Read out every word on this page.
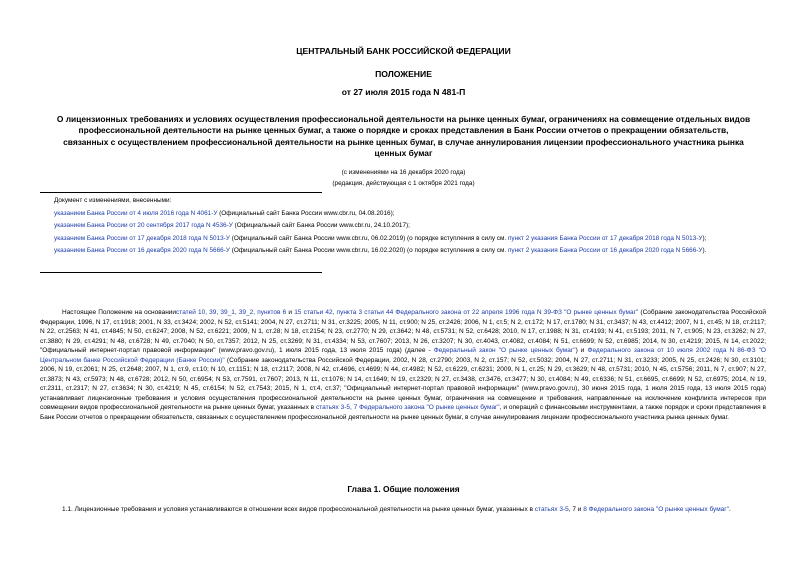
ЦЕНТРАЛЬНЫЙ БАНК РОССИЙСКОЙ ФЕДЕРАЦИИ
ПОЛОЖЕНИЕ
от 27 июля 2015 года N 481-П
О лицензионных требованиях и условиях осуществления профессиональной деятельности на рынке ценных бумаг, ограничениях на совмещение отдельных видов профессиональной деятельности на рынке ценных бумаг, а также о порядке и сроках представления в Банк России отчетов о прекращении обязательств, связанных с осуществлением профессиональной деятельности на рынке ценных бумаг, в случае аннулирования лицензии профессионального участника рынка ценных бумаг
(с изменениями на 16 декабря 2020 года)
(редакция, действующая с 1 октября 2021 года)
Документ с изменениями, внесенными:
указанием Банка России от 4 июля 2016 года N 4061-У (Официальный сайт Банка России www.cbr.ru, 04.08.2016);
указанием Банка России от 20 сентября 2017 года N 4536-У (Официальный сайт Банка России www.cbr.ru, 24.10.2017);
указанием Банка России от 17 декабря 2018 года N 5013-У (Официальный сайт Банка России www.cbr.ru, 06.02.2019) (о порядке вступления в силу см. пункт 2 указания Банка России от 17 декабря 2018 года N 5013-У);
указанием Банка России от 16 декабря 2020 года N 5666-У (Официальный сайт Банка России www.cbr.ru, 16.02.2020) (о порядке вступления в силу см. пункт 2 указания Банка России от 16 декабря 2020 года N 5666-У).
Настоящее Положение на основаниистатей 10, 39, 39_1, 39_2, пунктов 6 и 15 статьи 42, пункта 3 статьи 44 Федерального закона от 22 апреля 1996 года N 39-ФЗ "О рынке ценных бумаг" (Собрание законодательства Российской Федерации, 1996, N 17, ст.1918; 2001, N 33, ст.3424; 2002, N 52, ст.5141; 2004, N 27, ст.2711; N 31, ст.3225; 2005, N 11, ст.900; N 25, ст.2426; 2006, N 1, ст.5; N 2, ст.172; N 17, ст.1780; N 31, ст.3437; N 43, ст.4412; 2007, N 1, ст.45; N 18, ст.2117; N 22, ст.2563; N 41, ст.4845; N 50, ст.6247; 2008, N 52, ст.6221; 2009, N 1, ст.28; N 18, ст.2154; N 23, ст.2770; N 29, ст.3642; N 48, ст.5731; N 52, ст.6428; 2010, N 17, ст.1988; N 31, ст.4193; N 41, ст.5193; 2011, N 7, ст.905; N 23, ст.3262; N 27, ст.3880; N 29, ст.4291; N 48, ст.6728; N 49, ст.7040; N 50, ст.7357; 2012, N 25, ст.3269; N 31, ст.4334; N 53, ст.7607; 2013, N 26, ст.3207; N 30, ст.4043, ст.4082, ст.4084; N 51, ст.6699; N 52, ст.6985; 2014, N 30, ст.4219; 2015, N 14, ст.2022; "Официальный интернет-портал правовой информации" (www.pravo.gov.ru), 1 июля 2015 года, 13 июля 2015 года) (далее - Федеральный закон "О рынке ценных бумаг") и Федерального закона от 10 июля 2002 года N 86-ФЗ "О Центральном банке Российской Федерации (Банке России)" (Собрание законодательства Российской Федерации, 2002, N 28, ст.2790; 2003, N 2, ст.157; N 52, ст.5032; 2004, N 27, ст.2711; N 31, ст.3233; 2005, N 25, ст.2426; N 30, ст.3101; 2006, N 19, ст.2061; N 25, ст.2648; 2007, N 1, ст.9, ст.10; N 10, ст.1151; N 18, ст.2117; 2008, N 42, ст.4696, ст.4699; N 44, ст.4982; N 52, ст.6229, ст.6231; 2009, N 1, ст.25; N 29, ст.3629; N 48, ст.5731; 2010, N 45, ст.5756; 2011, N 7, ст.907; N 27, ст.3873; N 43, ст.5973; N 48, ст.6728; 2012, N 50, ст.6954; N 53, ст.7591, ст.7607; 2013, N 11, ст.1076; N 14, ст.1649; N 19, ст.2329; N 27, ст.3438, ст.3476, ст.3477; N 30, ст.4084; N 49, ст.6336; N 51, ст.6695, ст.6699; N 52, ст.6975; 2014, N 19, ст.2311, ст.2317; N 27, ст.3634; N 30, ст.4219; N 45, ст.6154; N 52, ст.7543; 2015, N 1, ст.4, ст.37; "Официальный интернет-портал правовой информации" (www.pravo.gov.ru), 30 июня 2015 года, 1 июля 2015 года, 13 июля 2015 года) устанавливает лицензионные требования и условия осуществления профессиональной деятельности на рынке ценных бумаг, ограничения на совмещение и требования, направленные на исключение конфликта интересов при совмещении видов профессиональной деятельности на рынке ценных бумаг, указанных в статьях 3-5, 7 Федерального закона "О рынке ценных бумаг", и операций с финансовыми инструментами, а также порядок и сроки представления в Банк России отчетов о прекращении обязательств, связанных с осуществлением профессиональной деятельности на рынке ценных бумаг, в случае аннулирования лицензии профессионального участника рынка ценных бумаг.
Глава 1. Общие положения
1.1. Лицензионные требования и условия устанавливаются в отношении всех видов профессиональной деятельности на рынке ценных бумаг, указанных в статьях 3-5, 7 и 8 Федерального закона "О рынке ценных бумаг".
